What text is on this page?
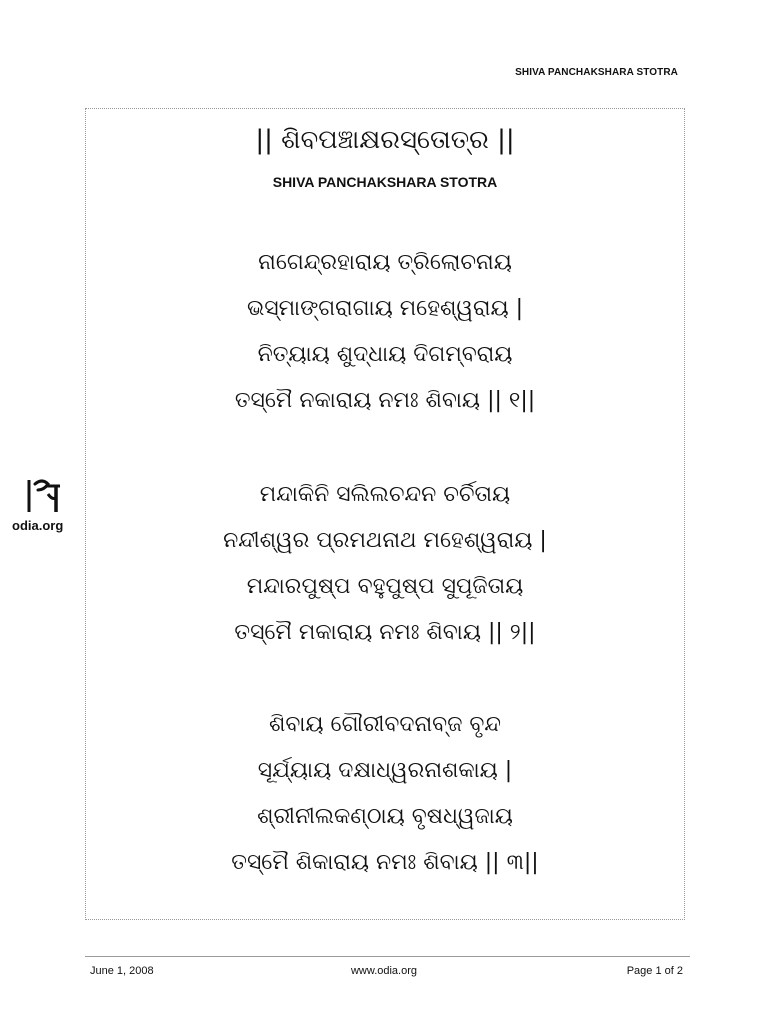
SHIVA PANCHAKSHARA STOTRA
|| ଶିବପଞ୍ଚାକ୍ଷରସ୍ତୋତ୍ର ||
SHIVA PANCHAKSHARA STOTRA
ନାଗେନ୍ଦ୍ରହାରାୟ ତ୍ରିଲୋଚନାୟ
ଭସ୍ମାଙ୍ଗରାଗାୟ ମହେଶ୍ୱରାୟ |
ନିତ୍ୟାୟ ଶୁଦ୍ଧାୟ ଦିଗମ୍ବରାୟ
ତସ୍ମୈ ନକାରାୟ ନମଃ ଶିବାୟ || ୧||
ମନ୍ଦାକିନି ସଲିଲଚନ୍ଦନ ଚର୍ଚିତାୟ
ନନ୍ଦୀଶ୍ୱର ପ୍ରମଥନାଥ ମହେଶ୍ୱରାୟ |
ମନ୍ଦାରପୁଷ୍ପ ବହୁପୁଷ୍ପ ସୁପୂଜିତାୟ
ତସ୍ମୈ ମକାରାୟ ନମଃ ଶିବାୟ || ୨||
ଶିବାୟ ଗୌରୀବଦନାବ୍ଜ ବୃନ୍ଦ
ସୂର୍ଯ୍ୟାୟ ଦକ୍ଷାଧ୍ୱରନାଶକାୟ |
ଶ୍ରୀନୀଲକଣ୍ଠାୟ ବୃଷଧ୍ୱଜାୟ
ତସ୍ମୈ ଶିକାରାୟ ନମଃ ଶିବାୟ || ୩||
odia.org
June 1, 2008	www.odia.org	Page 1 of 2
